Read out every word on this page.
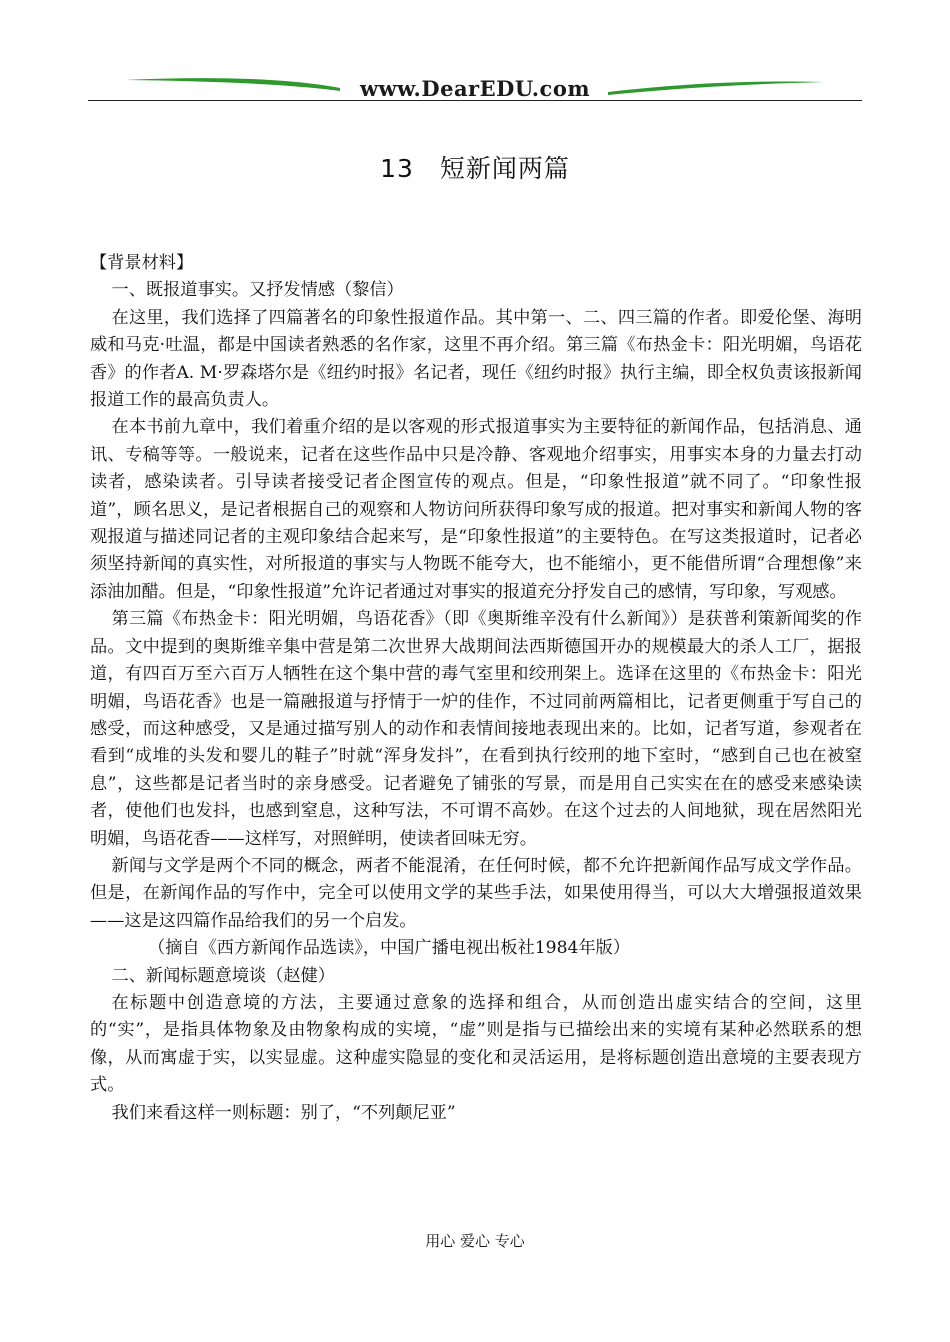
www.DearEDU.com
13　短新闻两篇

【背景材料】

一、既报道事实。又抒发情感（黎信）

在这里，我们选择了四篇著名的印象性报道作品。其中第一、二、四三篇的作者。即爱伦堡、海明威和马克·吐温，都是中国读者熟悉的名作家，这里不再介绍。第三篇《布热金卡：阳光明媚，鸟语花香》的作者A. M·罗森塔尔是《纽约时报》名记者，现任《纽约时报》执行主编，即全权负责该报新闻报道工作的最高负责人。

在本书前九章中，我们着重介绍的是以客观的形式报道事实为主要特征的新闻作品，包括消息、通讯、专稿等等。一般说来，记者在这些作品中只是冷静、客观地介绍事实，用事实本身的力量去打动读者，感染读者。引导读者接受记者企图宣传的观点。但是，“印象性报道”就不同了。“印象性报道”，顾名思义，是记者根据自己的观察和人物访问所获得印象写成的报道。把对事实和新闻人物的客观报道与描述同记者的主观印象结合起来写，是“印象性报道”的主要特色。在写这类报道时，记者必须坚持新闻的真实性，对所报道的事实与人物既不能夸大，也不能缩小，更不能借所谓“合理想像”来添油加醋。但是，“印象性报道”允许记者通过对事实的报道充分抒发自己的感情，写印象，写观感。

第三篇《布热金卡：阳光明媚，鸟语花香》（即《奥斯维辛没有什么新闻》）是获普利策新闻奖的作品。文中提到的奥斯维辛集中营是第二次世界大战期间法西斯德国开办的规模最大的杀人工厂，据报道，有四百万至六百万人牺牲在这个集中营的毒气室里和绞刑架上。选译在这里的《布热金卡：阳光明媚，鸟语花香》也是一篇融报道与抒情于一炉的佳作，不过同前两篇相比，记者更侧重于写自己的感受，而这种感受，又是通过描写别人的动作和表情间接地表现出来的。比如，记者写道，参观者在看到“成堆的头发和婴儿的鞋子”时就“浑身发抖”，在看到执行绞刑的地下室时，“感到自己也在被窒息”，这些都是记者当时的亲身感受。记者避免了铺张的写景，而是用自己实实在在的感受来感染读者，使他们也发抖，也感到窒息，这种写法，不可谓不高妙。在这个过去的人间地狱，现在居然阳光明媚，鸟语花香——这样写，对照鲜明，使读者回味无穷。

新闻与文学是两个不同的概念，两者不能混淆，在任何时候，都不允许把新闻作品写成文学作品。但是，在新闻作品的写作中，完全可以使用文学的某些手法，如果使用得当，可以大大增强报道效果——这是这四篇作品给我们的另一个启发。

（摘自《西方新闻作品选读》，中国广播电视出板社1984年版）

二、新闻标题意境谈（赵健）

在标题中创造意境的方法，主要通过意象的选择和组合，从而创造出虚实结合的空间，这里的“实”，是指具体物象及由物象构成的实境，“虚”则是指与已描绘出来的实境有某种必然联系的想像，从而寓虚于实，以实显虚。这种虚实隐显的变化和灵活运用，是将标题创造出意境的主要表现方式。

我们来看这样一则标题：别了，“不列颠尼亚”

用心 爱心 专心
